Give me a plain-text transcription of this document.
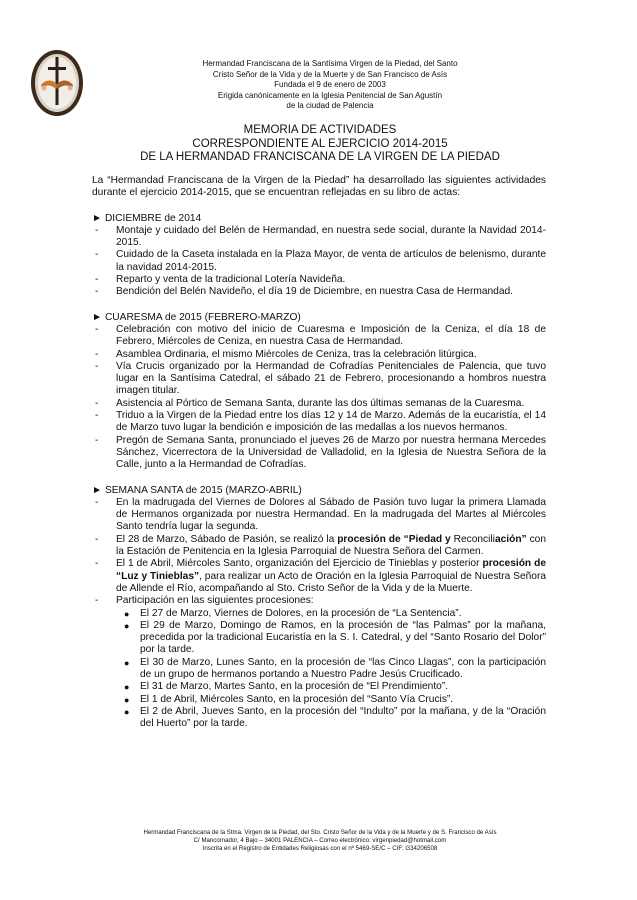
Hermandad Franciscana de la Santísima Virgen de la Piedad, del Santo
Cristo Señor de la Vida y de la Muerte y de San Francisco de Asís
Fundada el 9 de enero de 2003
Erigida canónicamente en la Iglesia Penitencial de San Agustín
de la ciudad de Palencia
MEMORIA DE ACTIVIDADES
CORRESPONDIENTE AL EJERCICIO 2014-2015
DE LA HERMANDAD FRANCISCANA DE LA VIRGEN DE LA PIEDAD
La “Hermandad Franciscana de la Virgen de la Piedad” ha desarrollado las siguientes actividades durante el ejercicio 2014-2015, que se encuentran reflejadas en su libro de actas:
► DICIEMBRE de 2014
- Montaje y cuidado del Belén de Hermandad, en nuestra sede social, durante la Navidad 2014-2015.
- Cuidado de la Caseta instalada en la Plaza Mayor, de venta de artículos de belenismo, durante la navidad 2014-2015.
- Reparto y venta de la tradicional Lotería Navideña.
- Bendición del Belén Navideño, el día 19 de Diciembre, en nuestra Casa de Hermandad.
► CUARESMA de 2015 (FEBRERO-MARZO)
- Celebración con motivo del inicio de Cuaresma e Imposición de la Ceniza, el día 18 de Febrero, Miércoles de Ceniza, en nuestra Casa de Hermandad.
- Asamblea Ordinaria, el mismo Miércoles de Ceniza, tras la celebración litúrgica.
- Vía Crucis organizado por la Hermandad de Cofradías Penitenciales de Palencia, que tuvo lugar en la Santísima Catedral, el sábado 21 de Febrero, procesionando a hombros nuestra imagen titular.
- Asistencia al Pórtico de Semana Santa, durante las dos últimas semanas de la Cuaresma.
- Triduo a la Virgen de la Piedad entre los días 12 y 14 de Marzo. Además de la eucaristía, el 14 de Marzo tuvo lugar la bendición e imposición de las medallas a los nuevos hermanos.
- Pregón de Semana Santa, pronunciado el jueves 26 de Marzo por nuestra hermana Mercedes Sánchez, Vicerrectora de la Universidad de Valladolid, en la Iglesia de Nuestra Señora de la Calle, junto a la Hermandad de Cofradías.
► SEMANA SANTA de 2015 (MARZO-ABRIL)
- En la madrugada del Viernes de Dolores al Sábado de Pasión tuvo lugar la primera Llamada de Hermanos organizada por nuestra Hermandad. En la madrugada del Martes al Miércoles Santo tendría lugar la segunda.
- El 28 de Marzo, Sábado de Pasión, se realizó la procesión de “Piedad y Reconciliación” con la Estación de Penitencia en la Iglesia Parroquial de Nuestra Señora del Carmen.
- El 1 de Abril, Miércoles Santo, organización del Ejercicio de Tinieblas y posterior procesión de “Luz y Tinieblas”, para realizar un Acto de Oración en la Iglesia Parroquial de Nuestra Señora de Allende el Río, acompañando al Sto. Cristo Señor de la Vida y de la Muerte.
- Participación en las siguientes procesiones:
● El 27 de Marzo, Viernes de Dolores, en la procesión de “La Sentencia”.
● El 29 de Marzo, Domingo de Ramos, en la procesión de “las Palmas” por la mañana, precedida por la tradicional Eucaristía en la S. I. Catedral, y del “Santo Rosario del Dolor” por la tarde.
● El 30 de Marzo, Lunes Santo, en la procesión de “las Cinco Llagas”, con la participación de un grupo de hermanos portando a Nuestro Padre Jesús Crucificado.
● El 31 de Marzo, Martes Santo, en la procesión de “El Prendimiento”.
● El 1 de Abril, Miércoles Santo, en la procesión del “Santo Vía Crucis”.
● El 2 de Abril, Jueves Santo, en la procesión del “Indulto” por la mañana, y de la “Oración del Huerto” por la tarde.
Hermandad Franciscana de la Stma. Virgen de la Piedad, del Sto. Cristo Señor de la Vida y de la Muerte y de S. Francisco de Asís
C/ Mancornador, 4 Bajo – 34001 PALENCIA – Correo electrónico: virgenpiedad@hotmail.com
Inscrita en el Registro de Entidades Religiosas con el nº 5469-SE/C – CIF: G34206508
